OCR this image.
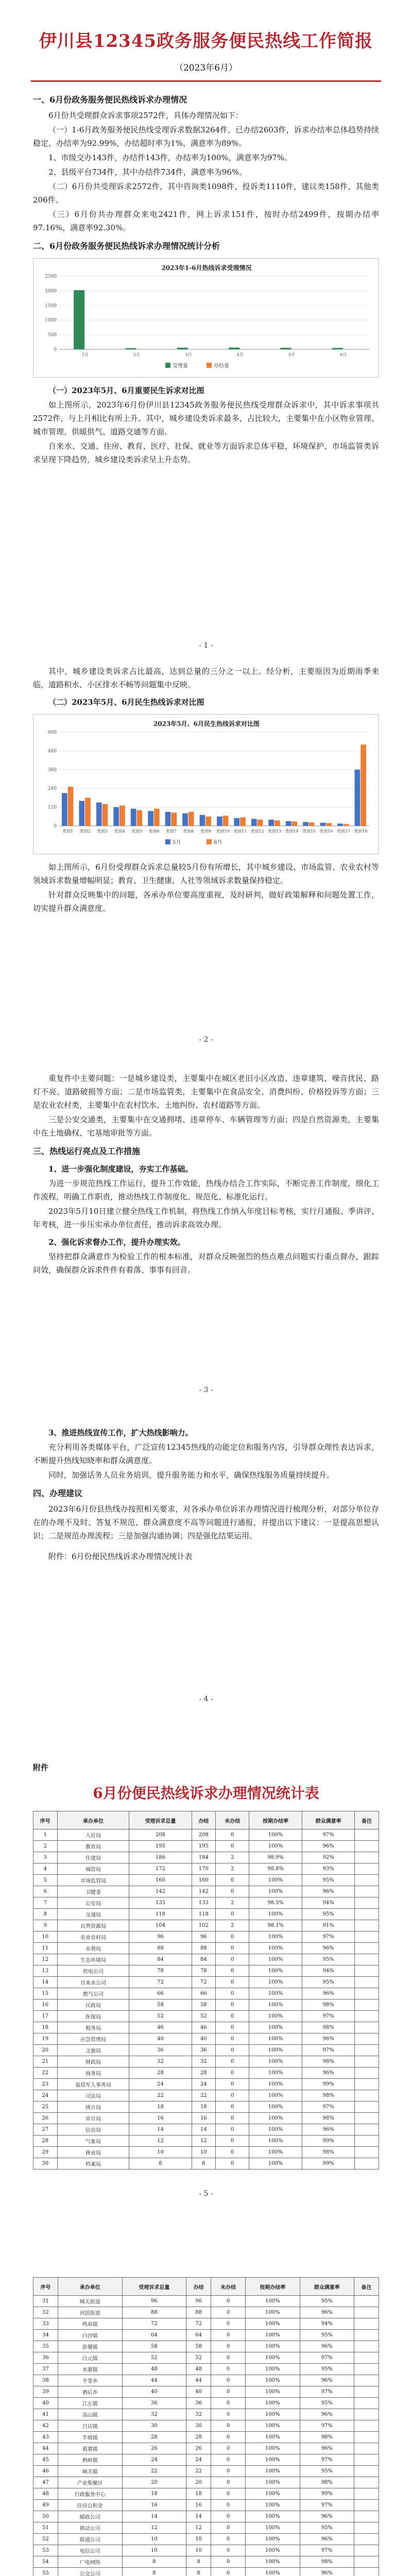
伊川县12345政务服务便民热线工作简报
（2023年6月）
一、6月份政务服务便民热线诉求办理情况
6月份共受理群众诉求事项2572件，具体办理情况如下：
（一）1-6月政务服务便民热线受理诉求数据3264件，已办结2603件，诉求办结率总体趋势持续稳定，办结率为92.99%，办结超时率为1%，满意率为89%。
1、市级交办143件，办结件143件，办结率为100%，满意率为97%。
2、县级平台734件，其中办结件734件，满意率为96%。
（二）6月份共受理诉求2572件，其中咨询类1098件，投诉类1110件，建议类158件，其他类206件。
（三）6月份共办理群众来电2421件，网上诉求151件，按时办结2499件，按期办结率97.16%，满意率92.30%。
二、6月份政务服务便民热线诉求办理情况统计分析
2023年1-6月热线诉求受理情况
0
500
1000
1500
2000
2500
1月	2月	3月	4月	5月	6月
受理量	办结量
（一）2023年5月、6月重要民生诉求对比图
如上图所示，2023年6月份伊川县12345政务服务便民热线受理群众诉求中，其中诉求事项共2572件，与上月相比有所上升。其中，城乡建设类诉求最多，占比较大，主要集中在小区物业管理、城市管理、供暖供气、道路交通等方面。
自来水、交通、住房、教育、医疗、社保、就业等方面诉求总体平稳，环境保护、市场监管类诉求呈现下降趋势，城乡建设类诉求呈上升态势。
- 1 -
其中，城乡建设类诉求占比最高，达到总量的三分之一以上。经分析，主要原因为近期雨季来临，道路积水、小区排水不畅等问题集中反映。
（二）2023年5月、6月民生热线诉求对比图
2023年5月、6月民生热线诉求对比图
0
120
240
360
480
600
类别1 类别2 类别3 类别4 类别5 类别6 类别7 类别8 类别9 类别10 类别11 类别12 类别13 类别14 类别15 类别16 类别17 类别18
5月	6月
如上图所示，6月份受理群众诉求总量较5月份有所增长，其中城乡建设、市场监管、农业农村等领域诉求数量增幅明显；教育、卫生健康、人社等领域诉求数量保持稳定。
针对群众反映集中的问题，各承办单位要高度重视，及时研判，做好政策解释和问题处置工作，切实提升群众满意度。
- 2 -
重复件中主要问题：一是城乡建设类，主要集中在城区老旧小区改造、违章建筑、噪音扰民、路灯不亮、道路破损等方面；二是市场监管类，主要集中在食品安全、消费纠纷、价格投诉等方面；三是农业农村类，主要集中在农村饮水、土地纠纷、农村道路等方面。
三是公安交通类，主要集中在交通拥堵、违章停车、车辆管理等方面；四是自然资源类，主要集中在土地确权、宅基地审批等方面。
三、热线运行亮点及工作措施
1、进一步强化制度建设，夯实工作基础。
为进一步规范热线工作运行，提升工作效能，热线办结合工作实际，不断完善工作制度，细化工作流程，明确工作职责，推动热线工作制度化、规范化、标准化运行。
2023年5月10日建立健全热线工作机制，将热线工作纳入年度目标考核，实行月通报、季讲评、年考核，进一步压实承办单位责任，推动诉求高效办理。
2、强化诉求督办工作，提升办理实效。
坚持把群众满意作为检验工作的根本标准，对群众反映强烈的热点难点问题实行重点督办，跟踪问效，确保群众诉求件件有着落、事事有回音。
- 3 -
3、推进热线宣传工作，扩大热线影响力。
充分利用各类媒体平台，广泛宣传12345热线的功能定位和服务内容，引导群众理性表达诉求，不断提升热线知晓率和群众满意度。
同时，加强话务人员业务培训，提升服务能力和水平，确保热线服务质量持续提升。
四、办理建议
2023年6月份县热线办按照相关要求，对各承办单位诉求办理情况进行梳理分析，对部分单位存在的办理不及时、答复不规范、群众满意度不高等问题进行通报，并提出以下建议：一是提高思想认识；二是规范办理流程；三是加强沟通协调；四是强化结果运用。
附件：6月份便民热线诉求办理情况统计表
- 4 -
附件
6月份便民热线诉求办理情况统计表
序号	承办单位	受理诉求总量	办结	未办结	按期办结率	群众满意率	备注
1	人社局	208	208	0	100%	97%	
2	教育局	195	195	0	100%	96%	
3	住建局	186	184	2	98.9%	92%	
4	城管局	172	170	2	98.8%	93%	
5	市场监管局	160	160	0	100%	95%	
6	卫健委	142	142	0	100%	96%	
7	公安局	135	133	2	98.5%	94%	
8	交通局	118	118	0	100%	95%	
9	自然资源局	104	102	2	98.1%	91%	
10	农业农村局	96	96	0	100%	97%	
11	水利局	88	88	0	100%	96%	
12	生态环境局	84	84	0	100%	95%	
13	供电公司	78	78	0	100%	94%	
14	自来水公司	72	72	0	100%	95%	
15	燃气公司	66	66	0	100%	96%	
16	民政局	58	58	0	100%	98%	
17	医保局	52	52	0	100%	97%	
18	税务局	46	46	0	100%	98%	
19	应急管理局	40	40	0	100%	96%	
20	文旅局	36	36	0	100%	97%	
21	财政局	32	32	0	100%	98%	
22	商务局	28	28	0	100%	96%	
23	退役军人事务局	24	24	0	100%	99%	
24	司法局	22	22	0	100%	98%	
25	统计局	18	18	0	100%	97%	
26	审计局	16	16	0	100%	98%	
27	信访局	14	14	0	100%	96%	
28	气象局	12	12	0	100%	99%	
29	林业局	10	10	0	100%	98%	
30	档案局	8	8	0	100%	99%	
- 5 -
序号	承办单位	受理诉求总量	办结	未办结	按期办结率	群众满意率	备注
31	城关街道	96	96	0	100%	95%	
32	河滨街道	88	88	0	100%	96%	
33	鸣皋镇	72	72	0	100%	94%	
34	白沙镇	64	64	0	100%	95%	
35	彭婆镇	58	58	0	100%	96%	
36	白元镇	52	52	0	100%	97%	
37	水寨镇	48	48	0	100%	95%	
38	平等乡	44	44	0	100%	96%	
39	酒后乡	40	40	0	100%	97%	
40	江左镇	36	36	0	100%	95%	
41	高山镇	32	32	0	100%	96%	
42	吕店镇	30	30	0	100%	97%	
43	半坡镇	28	28	0	100%	98%	
44	葛寨镇	26	26	0	100%	96%	
45	鸦岭镇	24	24	0	100%	97%	
46	城关镇	22	22	0	100%	95%	
47	产业集聚区	20	20	0	100%	98%	
48	行政服务中心	18	18	0	100%	99%	
49	住房公积金	16	16	0	100%	97%	
50	邮政公司	14	14	0	100%	96%	
51	移动公司	12	12	0	100%	95%	
52	联通公司	10	10	0	100%	96%	
53	电信公司	10	10	0	100%	97%	
54	广电网络	8	8	0	100%	98%	
55	公交公司	8	8	0	100%	96%	
